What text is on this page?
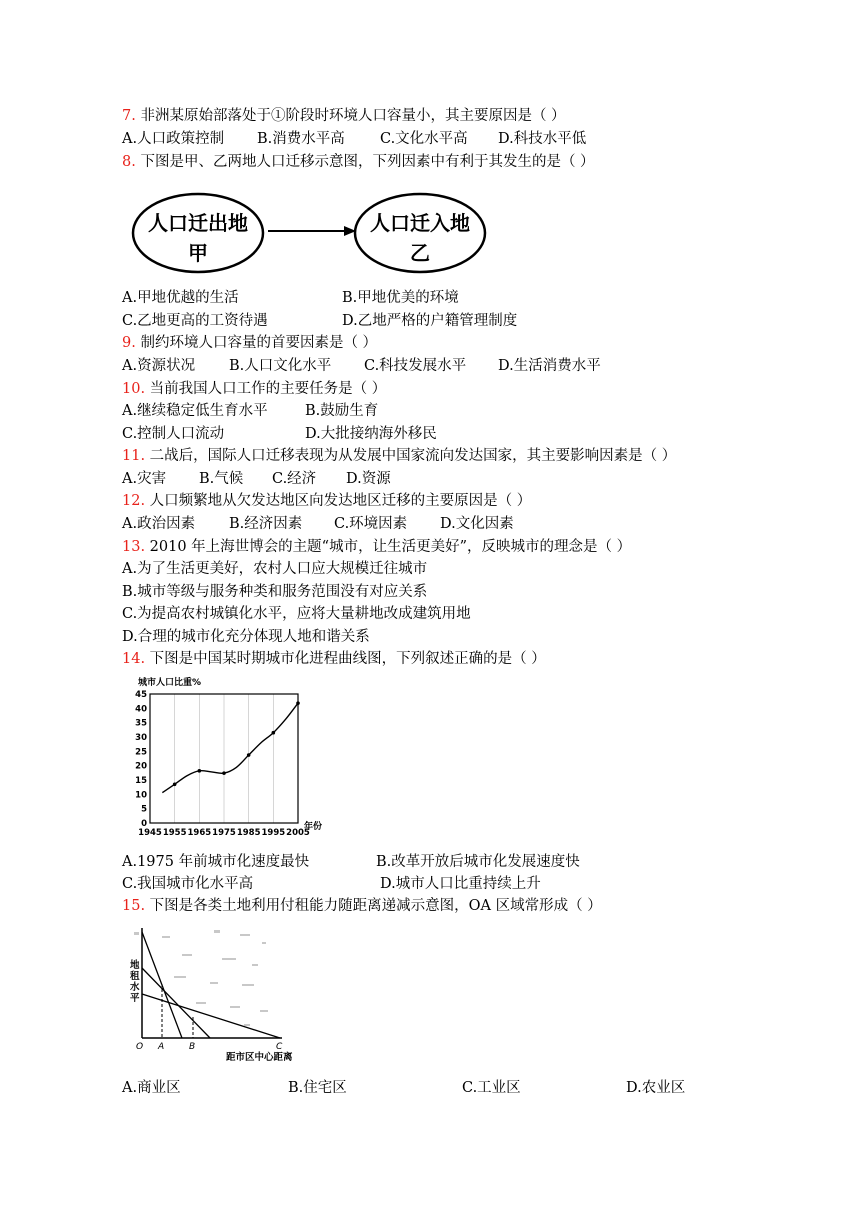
7. 非洲某原始部落处于①阶段时环境人口容量小，其主要原因是（ ）
A.人口政策控制 B.消费水平高 C.文化水平高 D.科技水平低
8. 下图是甲、乙两地人口迁移示意图，下列因素中有利于其发生的是（ ）
人口迁出地
甲
人口迁入地
乙
A.甲地优越的生活	B.甲地优美的环境
C.乙地更高的工资待遇	D.乙地严格的户籍管理制度
9. 制约环境人口容量的首要因素是（ ）
A.资源状况 B.人口文化水平 C.科技发展水平 D.生活消费水平
10. 当前我国人口工作的主要任务是（ ）
A.继续稳定低生育水平	B.鼓励生育
C.控制人口流动	D.大批接纳海外移民
11. 二战后，国际人口迁移表现为从发展中国家流向发达国家，其主要影响因素是（ ）
A.灾害 B.气候 C.经济 D.资源
12. 人口频繁地从欠发达地区向发达地区迁移的主要原因是（ ）
A.政治因素 B.经济因素 C.环境因素 D.文化因素
13. 2010 年上海世博会的主题“城市，让生活更美好”，反映城市的理念是（ ）
A.为了生活更美好，农村人口应大规模迁往城市
B.城市等级与服务种类和服务范围没有对应关系
C.为提高农村城镇化水平，应将大量耕地改成建筑用地
D.合理的城市化充分体现人地和谐关系
14. 下图是中国某时期城市化进程曲线图，下列叙述正确的是（ ）
城市人口比重%
0
5
10
15
20
25
30
35
40
45
1945 1955 1965 1975 1985 1995 2005
年份
A.1975 年前城市化速度最快	B.改革开放后城市化发展速度快
C.我国城市化水平高	D.城市人口比重持续上升
15. 下图是各类土地利用付租能力随距离递减示意图，OA 区域常形成（ ）
地租水平
O A	B	C
距市区中心距离
A.商业区	B.住宅区	C.工业区	D.农业区
